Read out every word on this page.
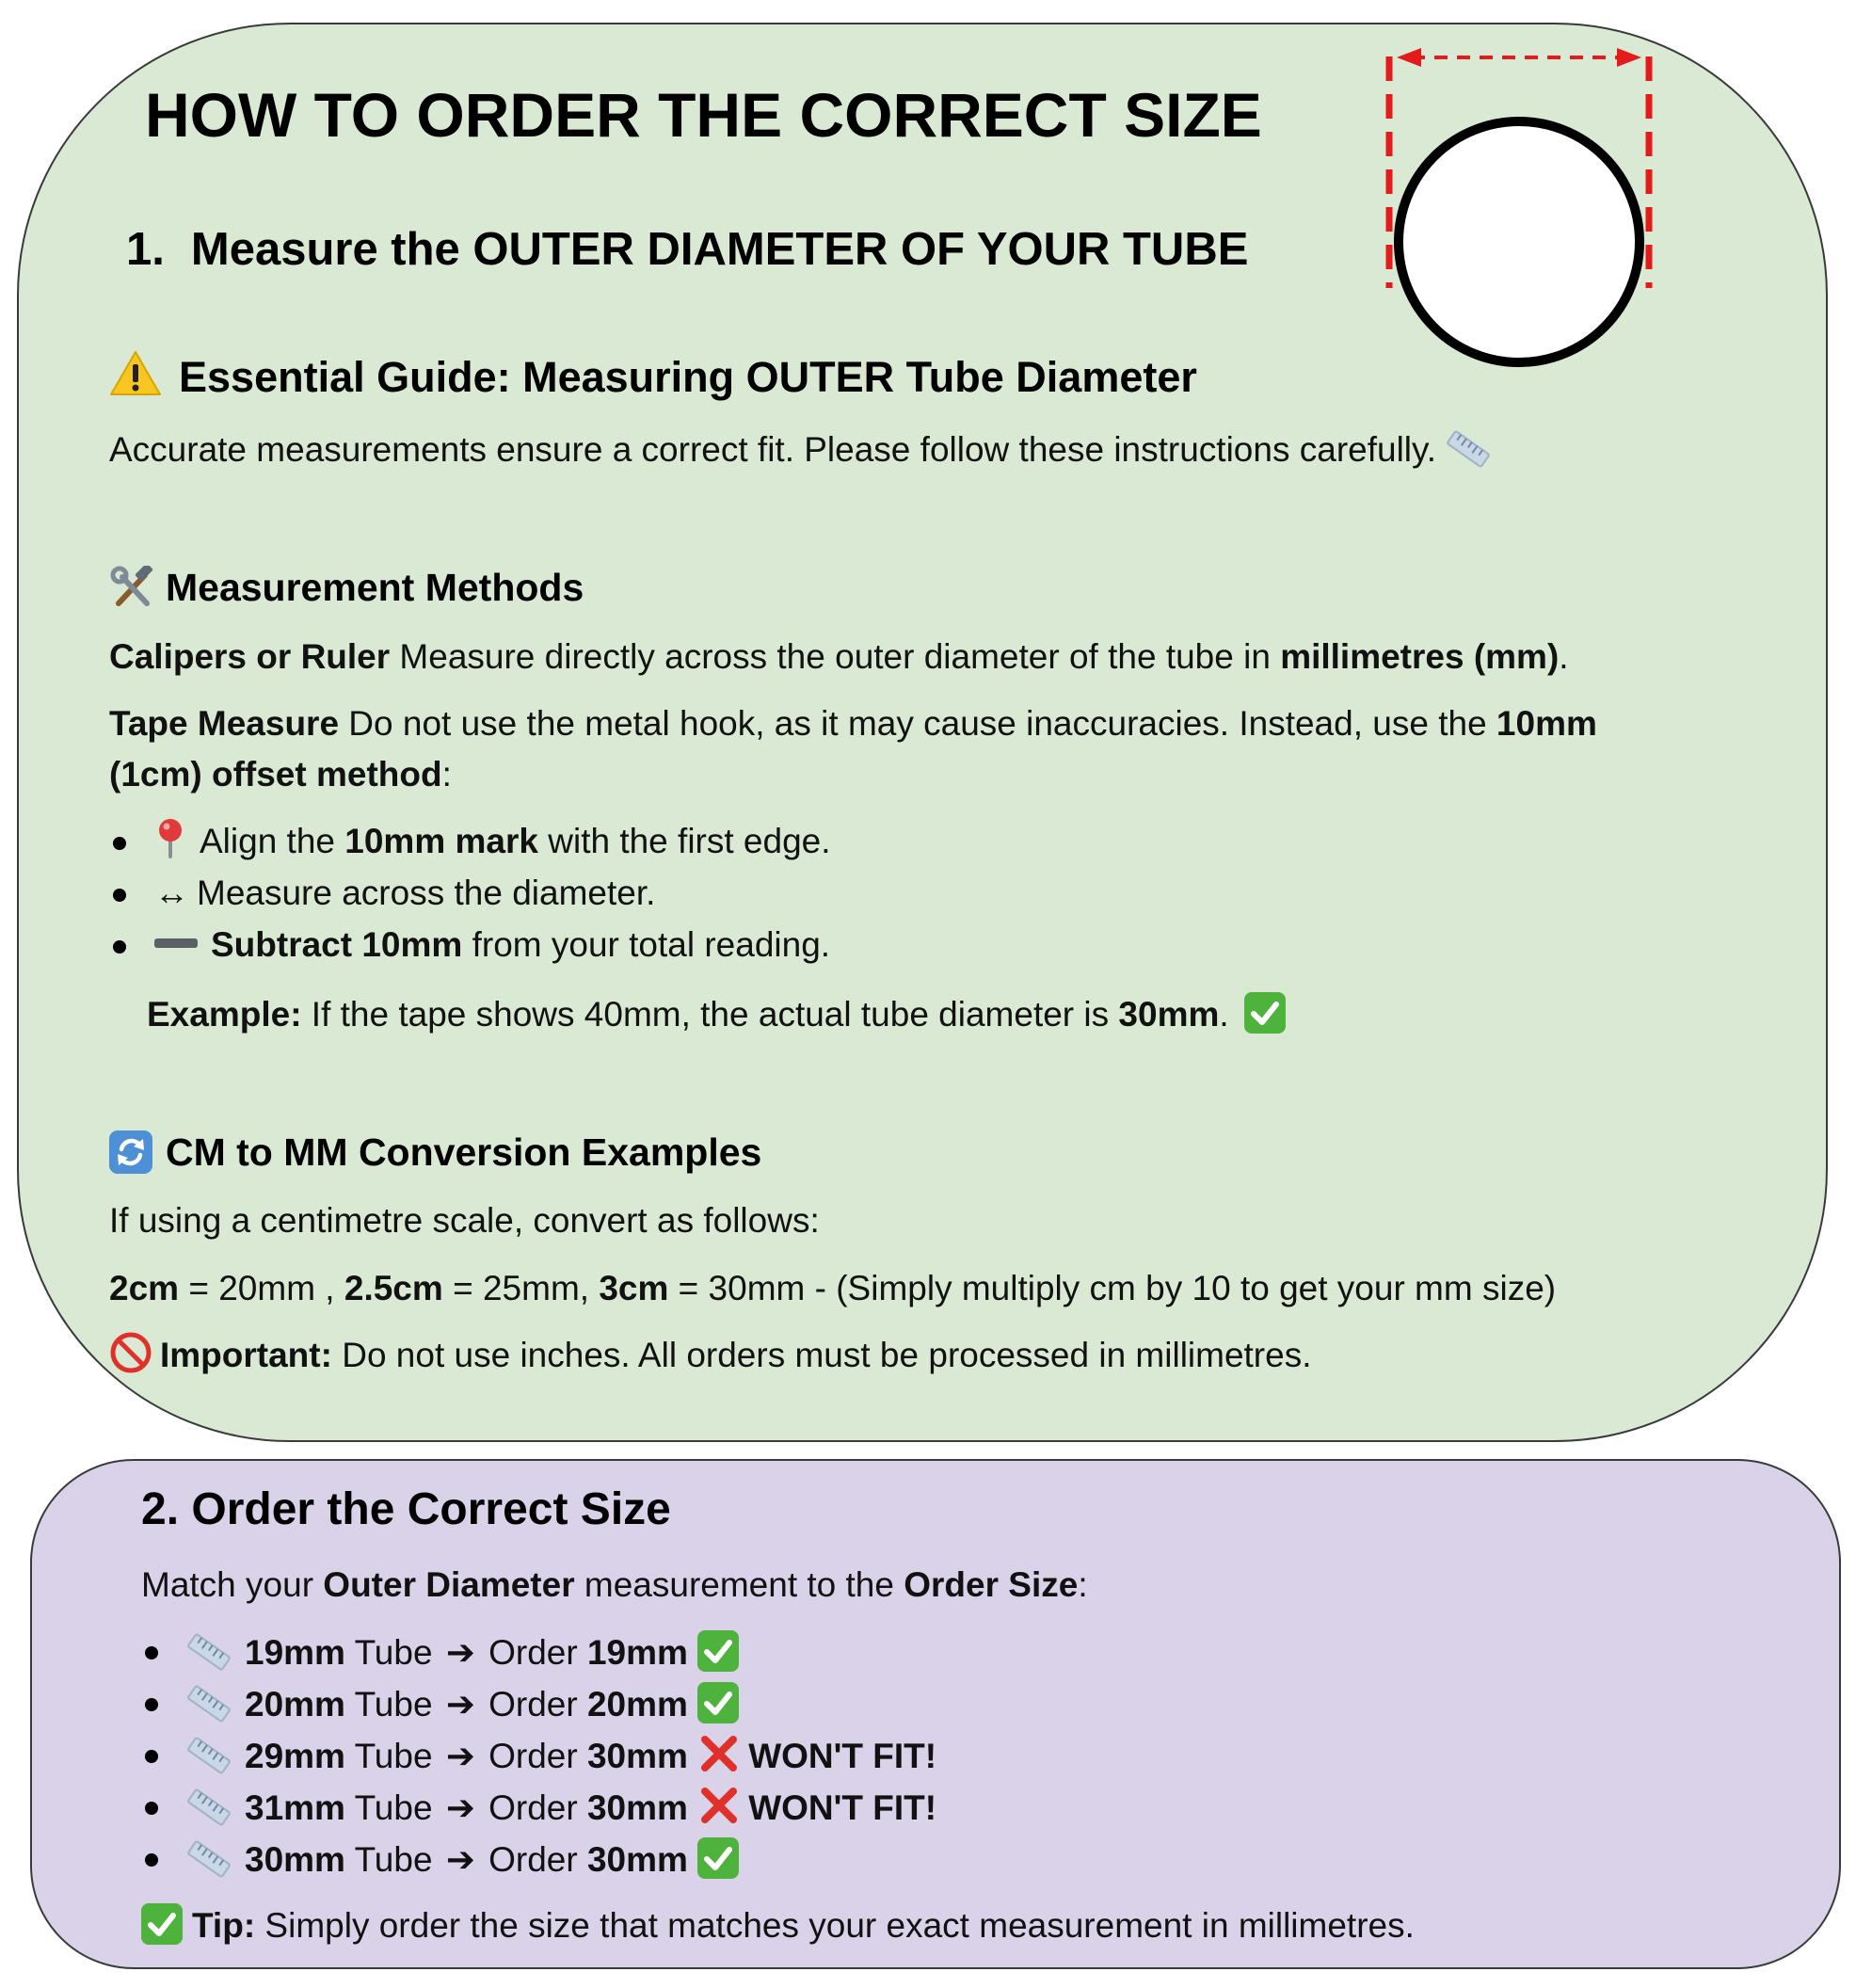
HOW TO ORDER THE CORRECT SIZE
1. Measure the OUTER DIAMETER OF YOUR TUBE
Essential Guide: Measuring OUTER Tube Diameter
Accurate measurements ensure a correct fit. Please follow these instructions carefully.
Measurement Methods
Calipers or Ruler Measure directly across the outer diameter of the tube in millimetres (mm).
Tape Measure Do not use the metal hook, as it may cause inaccuracies. Instead, use the 10mm
(1cm) offset method:
Align the 10mm mark with the first edge.
↔ Measure across the diameter.
Subtract 10mm from your total reading.
Example: If the tape shows 40mm, the actual tube diameter is 30mm.
CM to MM Conversion Examples
If using a centimetre scale, convert as follows:
2cm = 20mm , 2.5cm = 25mm, 3cm = 30mm - (Simply multiply cm by 10 to get your mm size)
Important: Do not use inches. All orders must be processed in millimetres.
2. Order the Correct Size
Match your Outer Diameter measurement to the Order Size:
19mm Tube ➔ Order 19mm
20mm Tube ➔ Order 20mm
29mm Tube ➔ Order 30mm WON'T FIT!
31mm Tube ➔ Order 30mm WON'T FIT!
30mm Tube ➔ Order 30mm
Tip: Simply order the size that matches your exact measurement in millimetres.
